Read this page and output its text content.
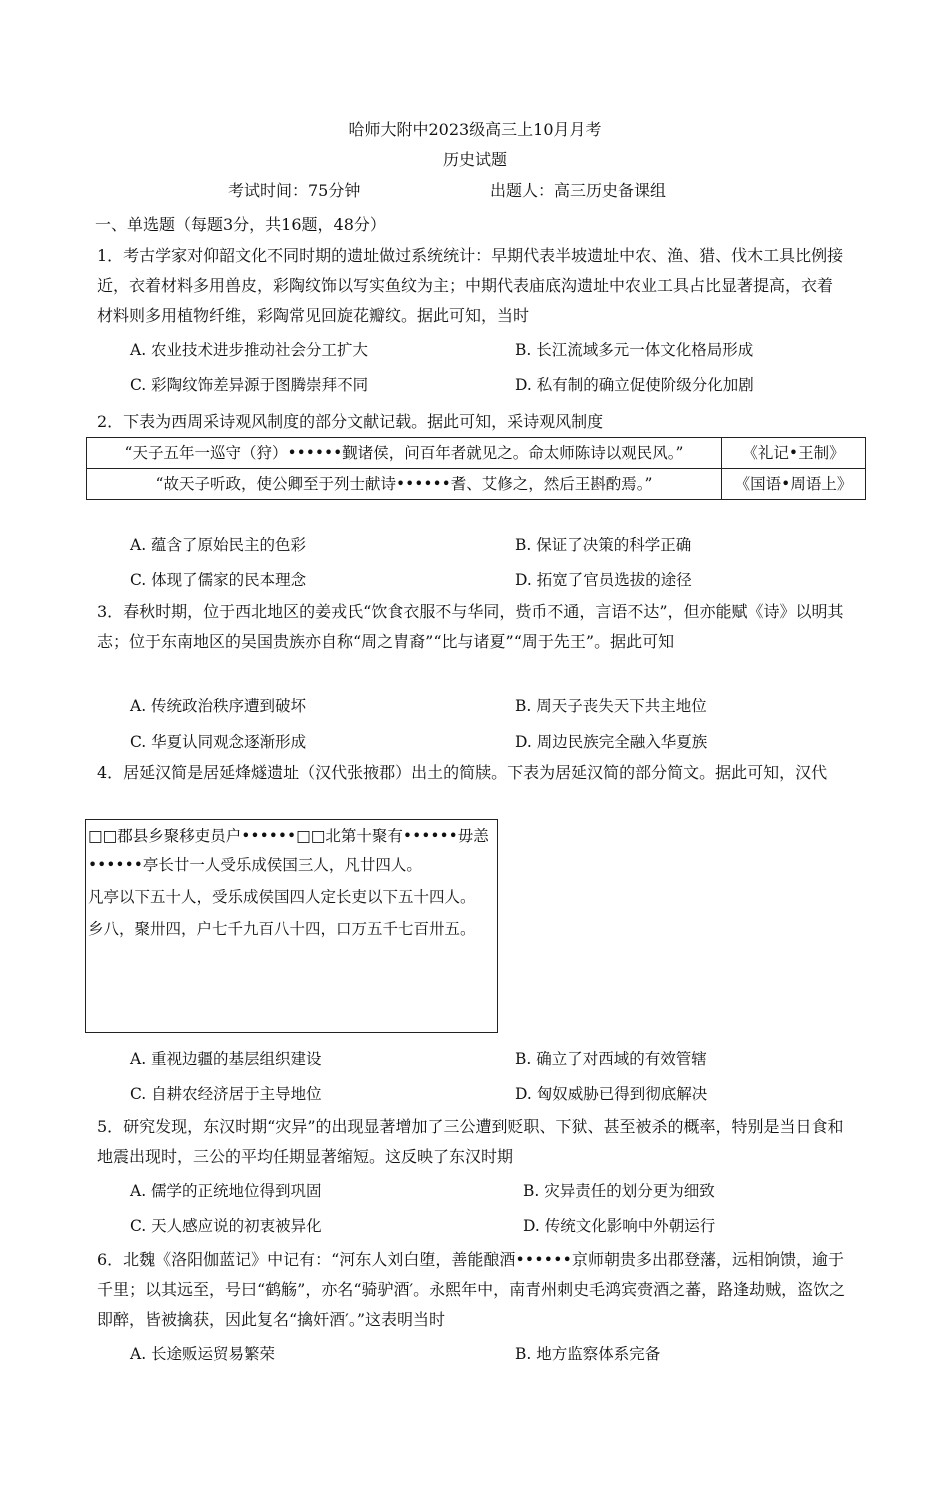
哈师大附中2023级高三上10月月考
历史试题
考试时间：75分钟	出题人：高三历史备课组
一、单选题（每题3分，共16题，48分）
1．考古学家对仰韶文化不同时期的遗址做过系统统计：早期代表半坡遗址中农、渔、猎、伐木工具比例接近，衣着材料多用兽皮，彩陶纹饰以写实鱼纹为主；中期代表庙底沟遗址中农业工具占比显著提高，衣着材料则多用植物纤维，彩陶常见回旋花瓣纹。据此可知，当时
A. 农业技术进步推动社会分工扩大	B. 长江流域多元一体文化格局形成
C. 彩陶纹饰差异源于图腾崇拜不同	D. 私有制的确立促使阶级分化加剧
2．下表为西周采诗观风制度的部分文献记载。据此可知，采诗观风制度
“天子五年一巡守（狩）••••••觐诸侯，问百年者就见之。命太师陈诗以观民风。”	《礼记•王制》
“故天子听政，使公卿至于列士献诗••••••耆、艾修之，然后王斟酌焉。”	《国语•周语上》
A. 蕴含了原始民主的色彩	B. 保证了决策的科学正确
C. 体现了儒家的民本理念	D. 拓宽了官员选拔的途径
3．春秋时期，位于西北地区的姜戎氏“饮食衣服不与华同，赀币不通，言语不达”，但亦能赋《诗》以明其志；位于东南地区的吴国贵族亦自称“周之胄裔”“比与诸夏”“周于先王”。据此可知
A. 传统政治秩序遭到破坏	B. 周天子丧失天下共主地位
C. 华夏认同观念逐渐形成	D. 周边民族完全融入华夏族
4．居延汉简是居延烽燧遗址（汉代张掖郡）出土的简牍。下表为居延汉简的部分简文。据此可知，汉代

□□郡县乡聚移吏员户••••••□□北第十聚有••••••毋恙••••••亭长廿一人受乐成侯国三人，凡廿四人。

凡亭以下五十人，受乐成侯国四人定长吏以下五十四人。

乡八，聚卅四，户七千九百八十四，口万五千七百卅五。

A. 重视边疆的基层组织建设	B. 确立了对西域的有效管辖
C. 自耕农经济居于主导地位	D. 匈奴威胁已得到彻底解决
5．研究发现，东汉时期“灾异”的出现显著增加了三公遭到贬职、下狱、甚至被杀的概率，特别是当日食和地震出现时，三公的平均任期显著缩短。这反映了东汉时期
A. 儒学的正统地位得到巩固	B. 灾异责任的划分更为细致
C. 天人感应说的初衷被异化	D. 传统文化影响中外朝运行
6．北魏《洛阳伽蓝记》中记有：“河东人刘白堕，善能酿酒••••••京师朝贵多出郡登藩，远相饷馈，逾于千里；以其远至，号曰“鹤觞”，亦名“骑驴酒′。永熙年中，南青州刺史毛鸿宾赍酒之蕃，路逢劫贼，盗饮之即醉，皆被擒获，因此复名“擒奸酒′。”这表明当时
A. 长途贩运贸易繁荣	B. 地方监察体系完备
